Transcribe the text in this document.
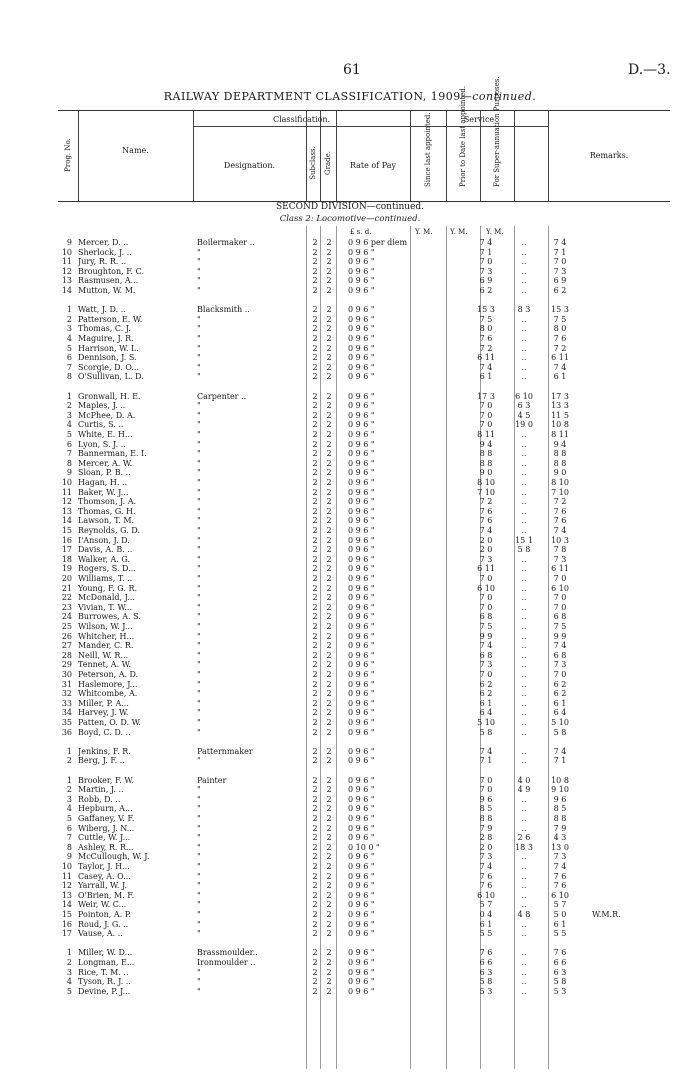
61	D.—3.
RAILWAY DEPARTMENT CLASSIFICATION, 1909—continued.
Prog. No.	Name.
Classification.
Designation.	Subclass. Grade.	Rate of Pay
Service
Since last appointed.	Prior to Date last appointed.	For Super-annuation Purposes.	Remarks.
SECOND DIVISION—continued.
Class 2: Locomotive—continued.
£ s. d.	Y. M. Y. M.	Y. M.
9 Mercer, D. ..	Boilermaker ..	2	2	0 9 6 per diem	7 4	..	7 4
10 Sherlock, J. ..	"	2	2	0 9 6 "	7 1	..	7 1
11 Jury, R. R. ..	"	2	2	0 9 6 "	7 0	..	7 0
12 Broughton, F. C.	"	2	2	0 9 6 "	7 3	..	7 3
13 Rasmusen, A...	"	2	2	0 9 6 "	6 9	..	6 9
14 Mutton, W. M.	"	2	2	0 9 6 "	6 2	..	6 2
1 Watt, J. D. ..	Blacksmith ..	2	2	0 9 6 "	15 3	8 3	15 3
2 Patterson, E. W.	"	2	2	0 9 6 "	7 5	..	7 5
3 Thomas, C. J.	"	2	2	0 9 6 "	8 0	..	8 0
4 Maguire, J. R.	"	2	2	0 9 6 "	7 6	..	7 6
5 Harrison, W. L.	"	2	2	0 9 6 "	7 2	..	7 2
6 Dennison, J. S.	"	2	2	0 9 6 "	6 11	..	6 11
7 Scorgie, D. O...	"	2	2	0 9 6 "	7 4	..	7 4
8 O'Sullivan, L. D.	"	2	2	0 9 6 "	6 1	..	6 1
1 Gronwall, H. E.	Carpenter ..	2	2	0 9 6 "	17 3	6 10	17 3
2 Maples, J. ..	"	2	2	0 9 6 "	7 0	6 3	13 3
3 McPhee, D. A.	"	2	2	0 9 6 "	7 0	4 5	11 5
4 Curtis, S. ..	"	2	2	0 9 6 "	7 0	19 0	10 8
5 White, E. H...	"	2	2	0 9 6 "	8 11	..	8 11
6 Lyon, S. J. ..	"	2	2	0 9 6 "	9 4	..	9 4
7 Bannerman, E. I.	"	2	2	0 9 6 "	8 8	..	8 8
8 Mercer, A. W.	"	2	2	0 9 6 "	8 8	..	8 8
9 Sloan, P. B. ..	"	2	2	0 9 6 "	9 0	..	9 0
10 Hagan, H. ..	"	2	2	0 9 6 "	8 10	..	8 10
11 Baker, W. J...	"	2	2	0 9 6 "	7 10	..	7 10
12 Thomson, J. A.	"	2	2	0 9 6 "	7 2	..	7 2
13 Thomas, G. H.	"	2	2	0 9 6 "	7 6	..	7 6
14 Lawson, T. M.	"	2	2	0 9 6 "	7 6	..	7 6
15 Reynolds, G. D.	"	2	2	0 9 6 "	7 4	..	7 4
16 I'Anson, J. D.	"	2	2	0 9 6 "	2 0	15 1	10 3
17 Davis, A. B. ..	"	2	2	0 9 6 "	2 0	5 8	7 8
18 Walker, A. G.	"	2	2	0 9 6 "	7 3	..	7 3
19 Rogers, S. D...	"	2	2	0 9 6 "	6 11	..	6 11
20 Williams, T. ..	"	2	2	0 9 6 "	7 0	..	7 0
21 Young, F. G. R.	"	2	2	0 9 6 "	6 10	..	6 10
22 McDonald, J...	"	2	2	0 9 6 "	7 0	..	7 0
23 Vivian, T. W...	"	2	2	0 9 6 "	7 0	..	7 0
24 Burrowes, A. S.	"	2	2	0 9 6 "	6 8	..	6 8
25 Wilson, W. J...	"	2	2	0 9 6 "	7 5	..	7 5
26 Whitcher, H...	"	2	2	0 9 6 "	9 9	..	9 9
27 Mander, C. R.	"	2	2	0 9 6 "	7 4	..	7 4
28 Neill, W. R...	"	2	2	0 9 6 "	6 8	..	6 8
29 Tennet, A. W.	"	2	2	0 9 6 "	7 3	..	7 3
30 Peterson, A. D.	"	2	2	0 9 6 "	7 0	..	7 0
31 Haslemore, J...	"	2	2	0 9 6 "	6 2	..	6 2
32 Whitcombe, A.	"	2	2	0 9 6 "	6 2	..	6 2
33 Miller, P. A...	"	2	2	0 9 6 "	6 1	..	6 1
34 Harvey, J. W.	"	2	2	0 9 6 "	6 4	..	6 4
35 Patten, O. D. W.	"	2	2	0 9 6 "	5 10	..	5 10
36 Boyd, C. D. ..	"	2	2	0 9 6 "	5 8	..	5 8
1 Jenkins, F. R.	Patternmaker	2	2	0 9 6 "	7 4	..	7 4
2 Berg, J. F. ..	"	2	2	0 9 6 "	7 1	..	7 1
1 Brooker, F. W.	Painter	2	2	0 9 6 "	7 0	4 0	10 8
2 Martin, J. ..	"	2	2	0 9 6 "	7 0	4 9	9 10
3 Robb, D. ..	"	2	2	0 9 6 "	9 6	..	9 6
4 Hepburn, A...	"	2	2	0 9 6 "	8 5	..	8 5
5 Gaffaney, V. F.	"	2	2	0 9 6 "	8 8	..	8 8
6 Wiberg, J. N...	"	2	2	0 9 6 "	7 9	..	7 9
7 Cuttle, W. J...	"	2	2	0 9 6 "	2 8	2 6	4 3
8 Ashley, R. R...	"	2	2	0 10 0 "	2 0	18 3	13 0
9 McCullough, W. J.	"	2	2	0 9 6 "	7 3	..	7 3
10 Taylor, J. H...	"	2	2	0 9 6 "	7 4	..	7 4
11 Casey, A. O...	"	2	2	0 9 6 "	7 6	..	7 6
12 Yarrall, W. J.	"	2	2	0 9 6 "	7 6	..	7 6
13 O'Brien, M. F.	"	2	2	0 9 6 "	6 10	..	6 10
14 Weir, W. C...	"	2	2	0 9 6 "	5 7	..	5 7
15 Pointon, A. P.	"	2	2	0 9 6 "	0 4	4 8	5 0	W.M.R.
16 Roud, J. G. ..	"	2	2	0 9 6 "	6 1	..	6 1
17 Vause, A. ..	"	2	2	0 9 6 "	5 5	..	5 5
1 Miller, W. D...	Brassmoulder..	2	2	0 9 6 "	7 6	..	7 6
2 Longman, E...	Ironmoulder ..	2	2	0 9 6 "	6 6	..	6 6
3 Rice, T. M. ..	"	2	2	0 9 6 "	6 3	..	6 3
4 Tyson, R. J. ..	"	2	2	0 9 6 "	5 8	..	5 8
5 Devine, P. J...	"	2	2	0 9 6 "	5 3	..	5 3
